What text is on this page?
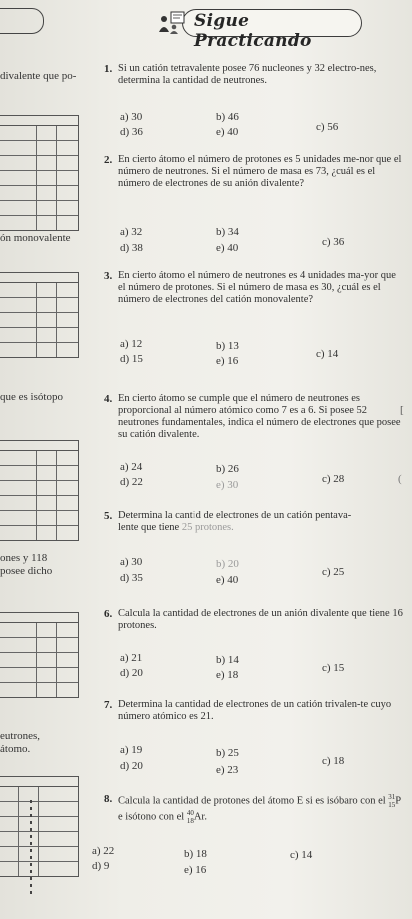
Sigue Practicando
divalente que po-
ón monovalente
que es isótopo
ones y 118
posee dicho
eutrones,
átomo.
1. Si un catión tetravalente posee 76 nucleones y 32 electro-nes, determina la cantidad de neutrones.
a) 30	b) 46
c) 56
d) 36	e) 40
2. En cierto átomo el número de protones es 5 unidades me-nor que el número de neutrones. Si el número de masa es 73, ¿cuál es el número de electrones de su anión divalente?
a) 32	b) 34
c) 36
d) 38	e) 40
3. En cierto átomo el número de neutrones es 4 unidades ma-yor que el número de protones. Si el número de masa es 30, ¿cuál es el número de electrones del catión monovalente?
a) 12	b) 13
c) 14
d) 15	e) 16
4. En cierto átomo se cumple que el número de neutrones es proporcional al número atómico como 7 es a 6. Si posee 52 neutrones fundamentales, indica el número de electrones que posee su catión divalente.
a) 24	b) 26
c) 28
d) 22	e) 30
5. Determina la cantid de electrones de un catión pentava-
lente que tiene 25 protones.
a) 30	b) 20
c) 25
d) 35	e) 40
6. Calcula la cantidad de electrones de un anión divalente que tiene 16 protones.
a) 21	b) 14
c) 15
d) 20	e) 18
7. Determina la cantidad de electrones de un catión trivalen-te cuyo número atómico es 21.
a) 19	b) 25
c) 18
d) 20	e) 23
8. Calcula la cantidad de protones del átomo E si es isóbaro con el 31
15 P e isótono con el 40
18 Ar.
a) 22	b) 18	c) 14
d) 9	e) 16
[
(
